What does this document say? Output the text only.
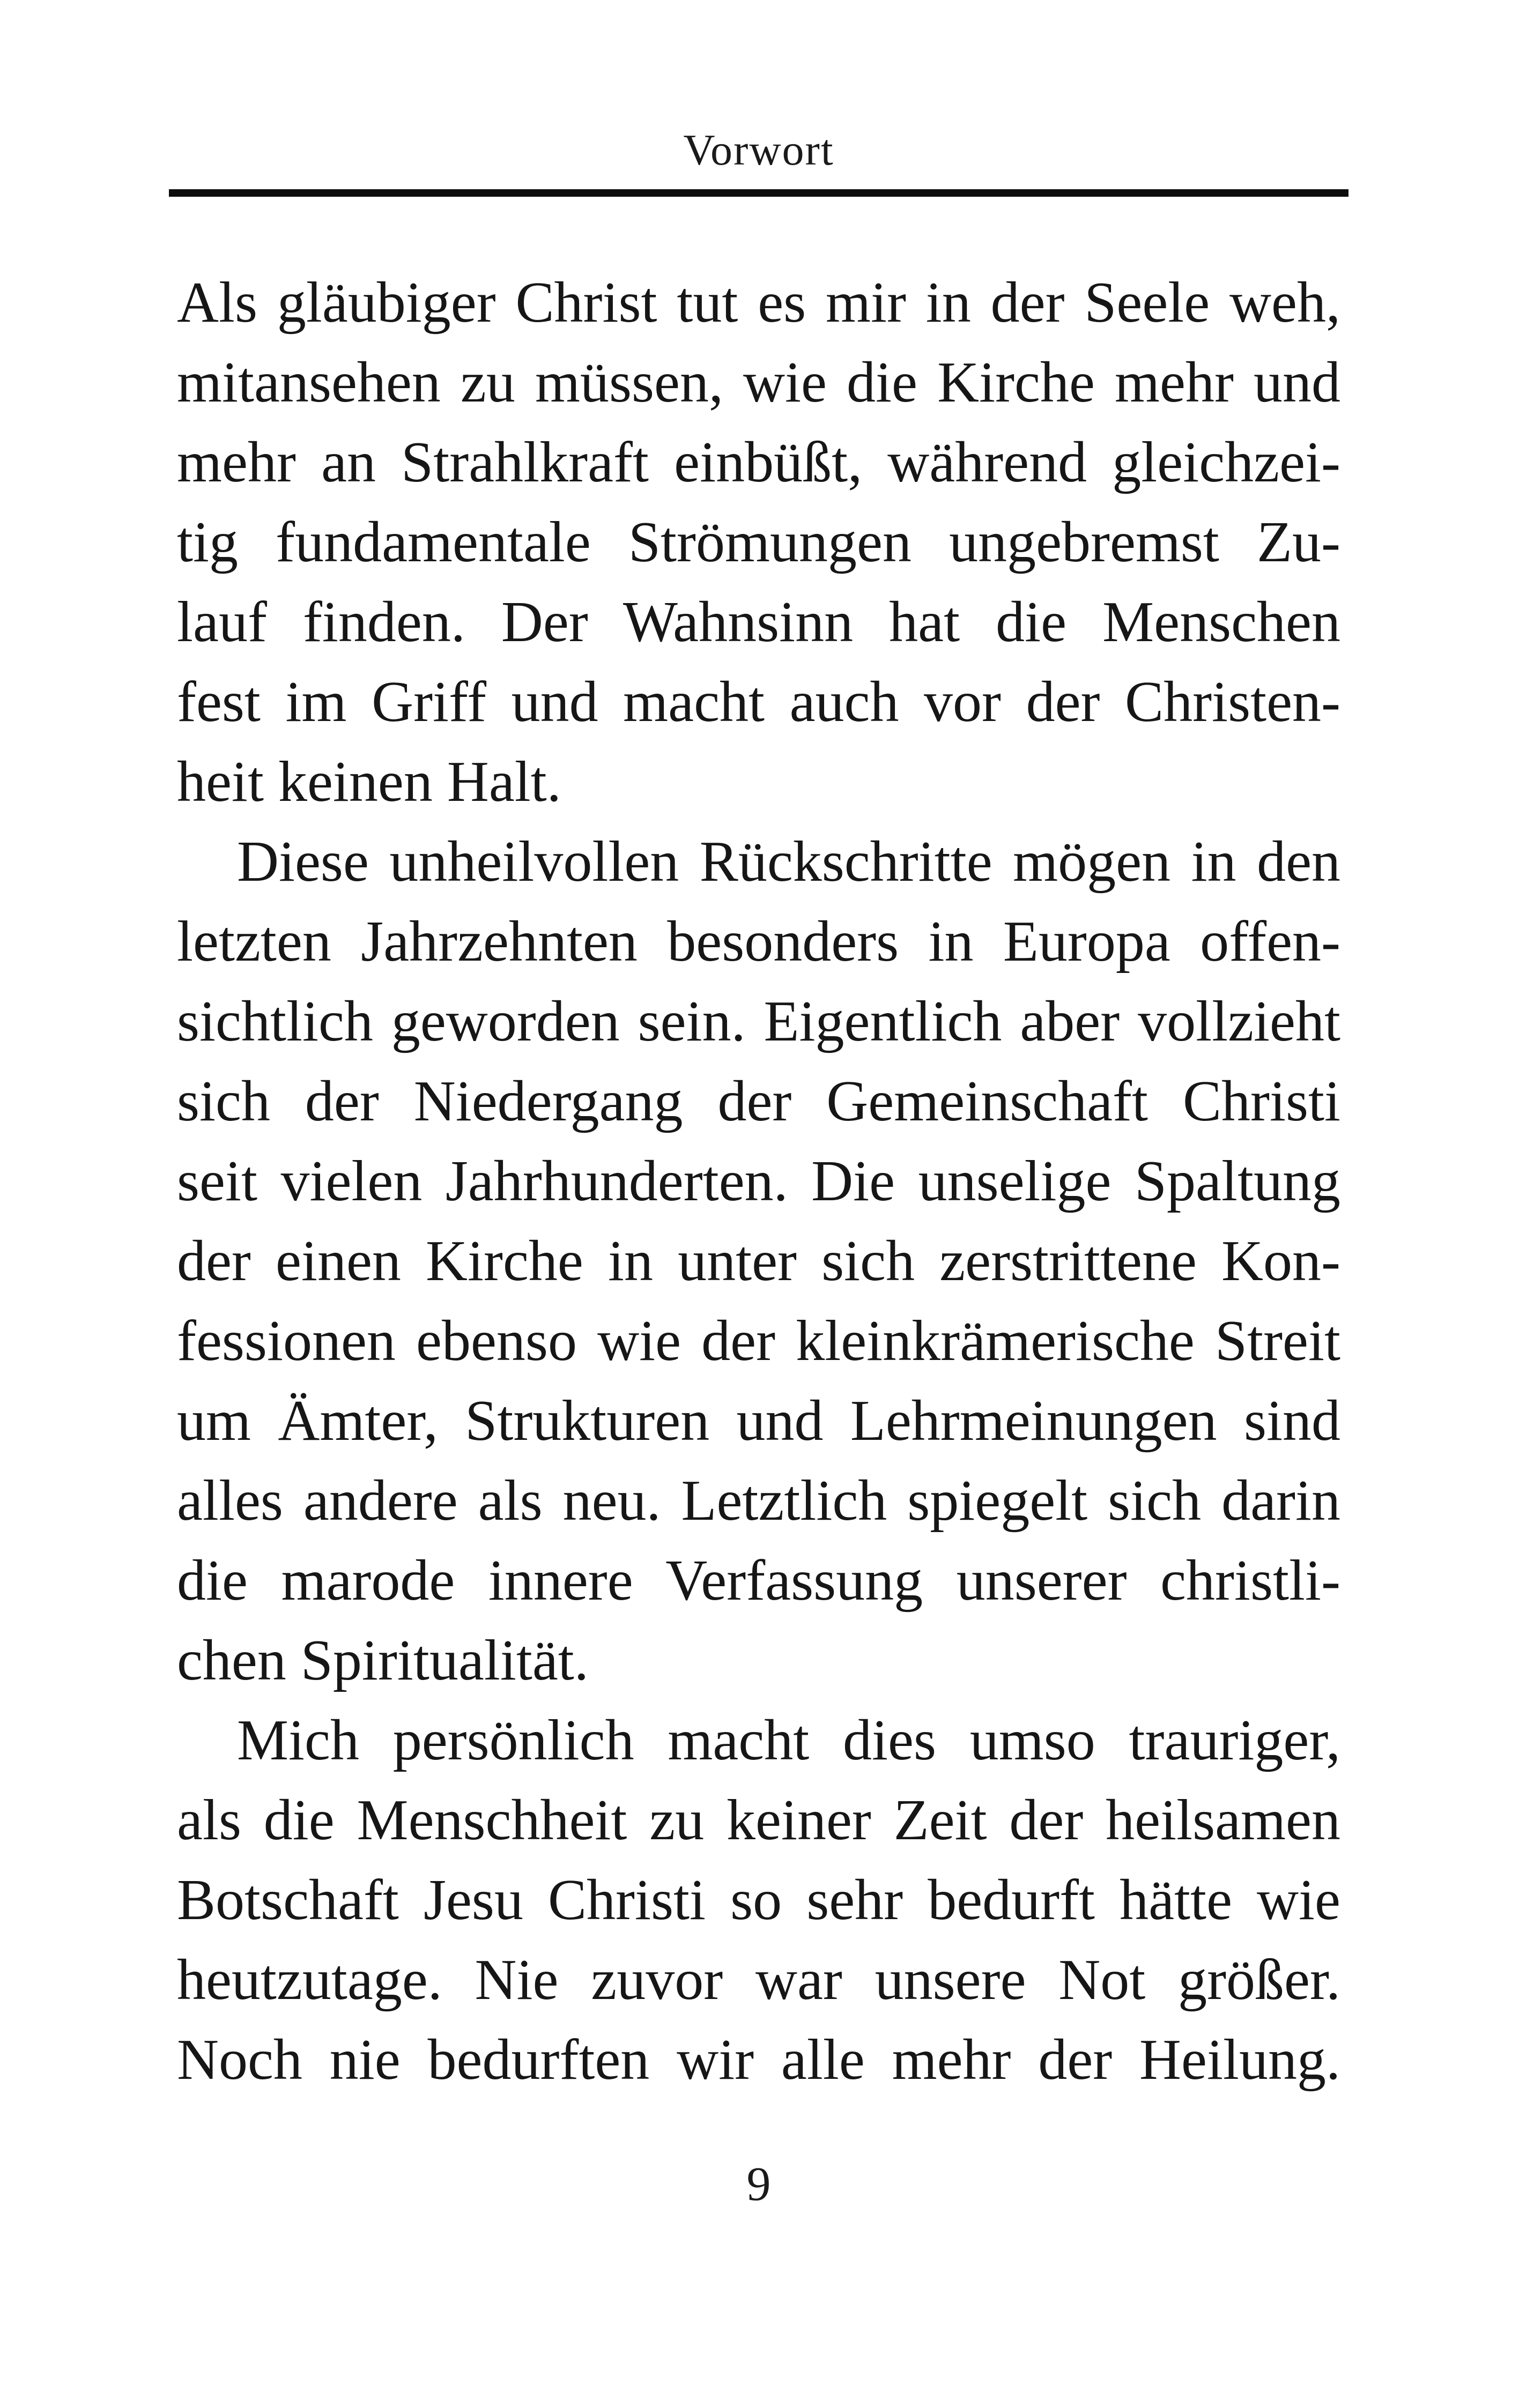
Vorwort
Als gläubiger Christ tut es mir in der Seele weh,
mitansehen zu müssen, wie die Kirche mehr und
mehr an Strahlkraft einbüßt, während gleichzei-
tig fundamentale Strömungen ungebremst Zu-
lauf finden. Der Wahnsinn hat die Menschen
fest im Griff und macht auch vor der Christen-
heit keinen Halt.
Diese unheilvollen Rückschritte mögen in den
letzten Jahrzehnten besonders in Europa offen-
sichtlich geworden sein. Eigentlich aber vollzieht
sich der Niedergang der Gemeinschaft Christi
seit vielen Jahrhunderten. Die unselige Spaltung
der einen Kirche in unter sich zerstrittene Kon-
fessionen ebenso wie der kleinkrämerische Streit
um Ämter, Strukturen und Lehrmeinungen sind
alles andere als neu. Letztlich spiegelt sich darin
die marode innere Verfassung unserer christli-
chen Spiritualität.
Mich persönlich macht dies umso trauriger,
als die Menschheit zu keiner Zeit der heilsamen
Botschaft Jesu Christi so sehr bedurft hätte wie
heutzutage. Nie zuvor war unsere Not größer.
Noch nie bedurften wir alle mehr der Heilung.
9
